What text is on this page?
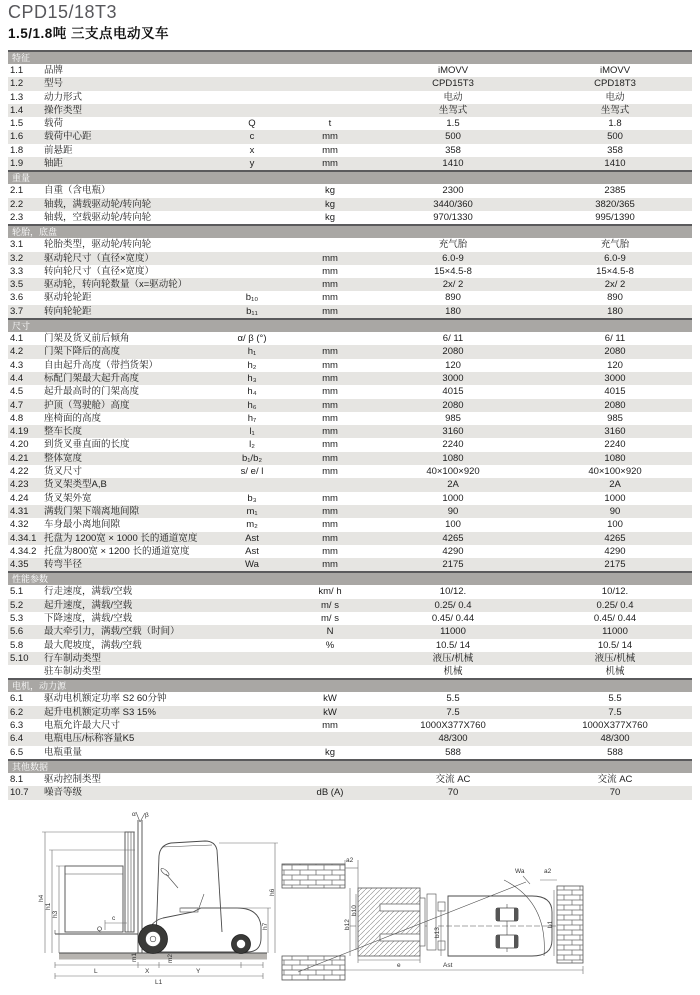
CPD15/18T3
1.5/1.8吨 三支点电动叉车
特征
1.1	品牌	iMOVV	iMOVV
1.2	型号	CPD15T3	CPD18T3
1.3	动力形式	电动	电动
1.4	操作类型	坐驾式	坐驾式
1.5	载荷	Q	t	1.5	1.8
1.6	载荷中心距	c	mm	500	500
1.8	前悬距	x	mm	358	358
1.9	轴距	y	mm	1410	1410
重量
2.1	自重（含电瓶）	kg	2300	2385
2.2	轴载，满载驱动轮/转向轮	kg	3440/360	3820/365
2.3	轴载，空载驱动轮/转向轮	kg	970/1330	995/1390
轮胎，底盘
3.1	轮胎类型，驱动轮/转向轮	充气胎	充气胎
3.2	驱动轮尺寸（直径×宽度）	mm	6.0-9	6.0-9
3.3	转向轮尺寸（直径×宽度）	mm	15×4.5-8	15×4.5-8
3.5	驱动轮，转向轮数量（x=驱动轮）	mm	2x/ 2	2x/ 2
3.6	驱动轮轮距	b₁₀	mm	890	890
3.7	转向轮轮距	b₁₁	mm	180	180
尺寸
4.1	门架及货叉前后倾角	α/ β (°)	6/ 11	6/ 11
4.2	门架下降后的高度	h₁	mm	2080	2080
4.3	自由起升高度（带挡货架）	h₂	mm	120	120
4.4	标配门架最大起升高度	h₃	mm	3000	3000
4.5	起升最高时的门架高度	h₄	mm	4015	4015
4.7	护顶（驾驶舱）高度	h₆	mm	2080	2080
4.8	座椅面的高度	h₇	mm	985	985
4.19	整车长度	l₁	mm	3160	3160
4.20	到货叉垂直面的长度	l₂	mm	2240	2240
4.21	整体宽度	b₁/b₂	mm	1080	1080
4.22	货叉尺寸	s/ e/ l	mm	40×100×920	40×100×920
4.23	货叉架类型A,B	2A	2A
4.24	货叉架外宽	b₃	mm	1000	1000
4.31	满载门架下端离地间隙	m₁	mm	90	90
4.32	车身最小离地间隙	m₂	mm	100	100
4.34.1 托盘为 1200宽 × 1000 长的通道宽度	Ast	mm	4265	4265
4.34.2 托盘为800宽 × 1200 长的通道宽度	Ast	mm	4290	4290
4.35	转弯半径	Wa	mm	2175	2175
性能参数
5.1	行走速度，满载/空载	km/ h	10/12.	10/12.
5.2	起升速度，满载/空载	m/ s	0.25/ 0.4	0.25/ 0.4
5.3	下降速度，满载/空载	m/ s	0.45/ 0.44	0.45/ 0.44
5.6	最大牵引力，满载/空载（时间）	N	11000	11000
5.8	最大爬坡度，满载/空载	%	10.5/ 14	10.5/ 14
5.10	行车制动类型	液压/机械	液压/机械
驻车制动类型	机械	机械
电机，动力源
6.1	驱动电机额定功率 S2 60分钟	kW	5.5	5.5
6.2	起升电机额定功率 S3 15%	kW	7.5	7.5
6.3	电瓶允许最大尺寸	mm	1000X377X760	1000X377X760
6.4	电瓶电压/标称容量K5	48/300	48/300
6.5	电瓶重量	kg	588	588
其他数据
8.1	驱动控制类型	交流 AC	交流 AC
10.7	噪音等级	dB (A)	70	70
α β
h4
h1
h3
c
Q
h6
h7
m1	m2
L	X	Y
L1
a2
b12
b10
e
b13
Wa	a2
b1
Ast
